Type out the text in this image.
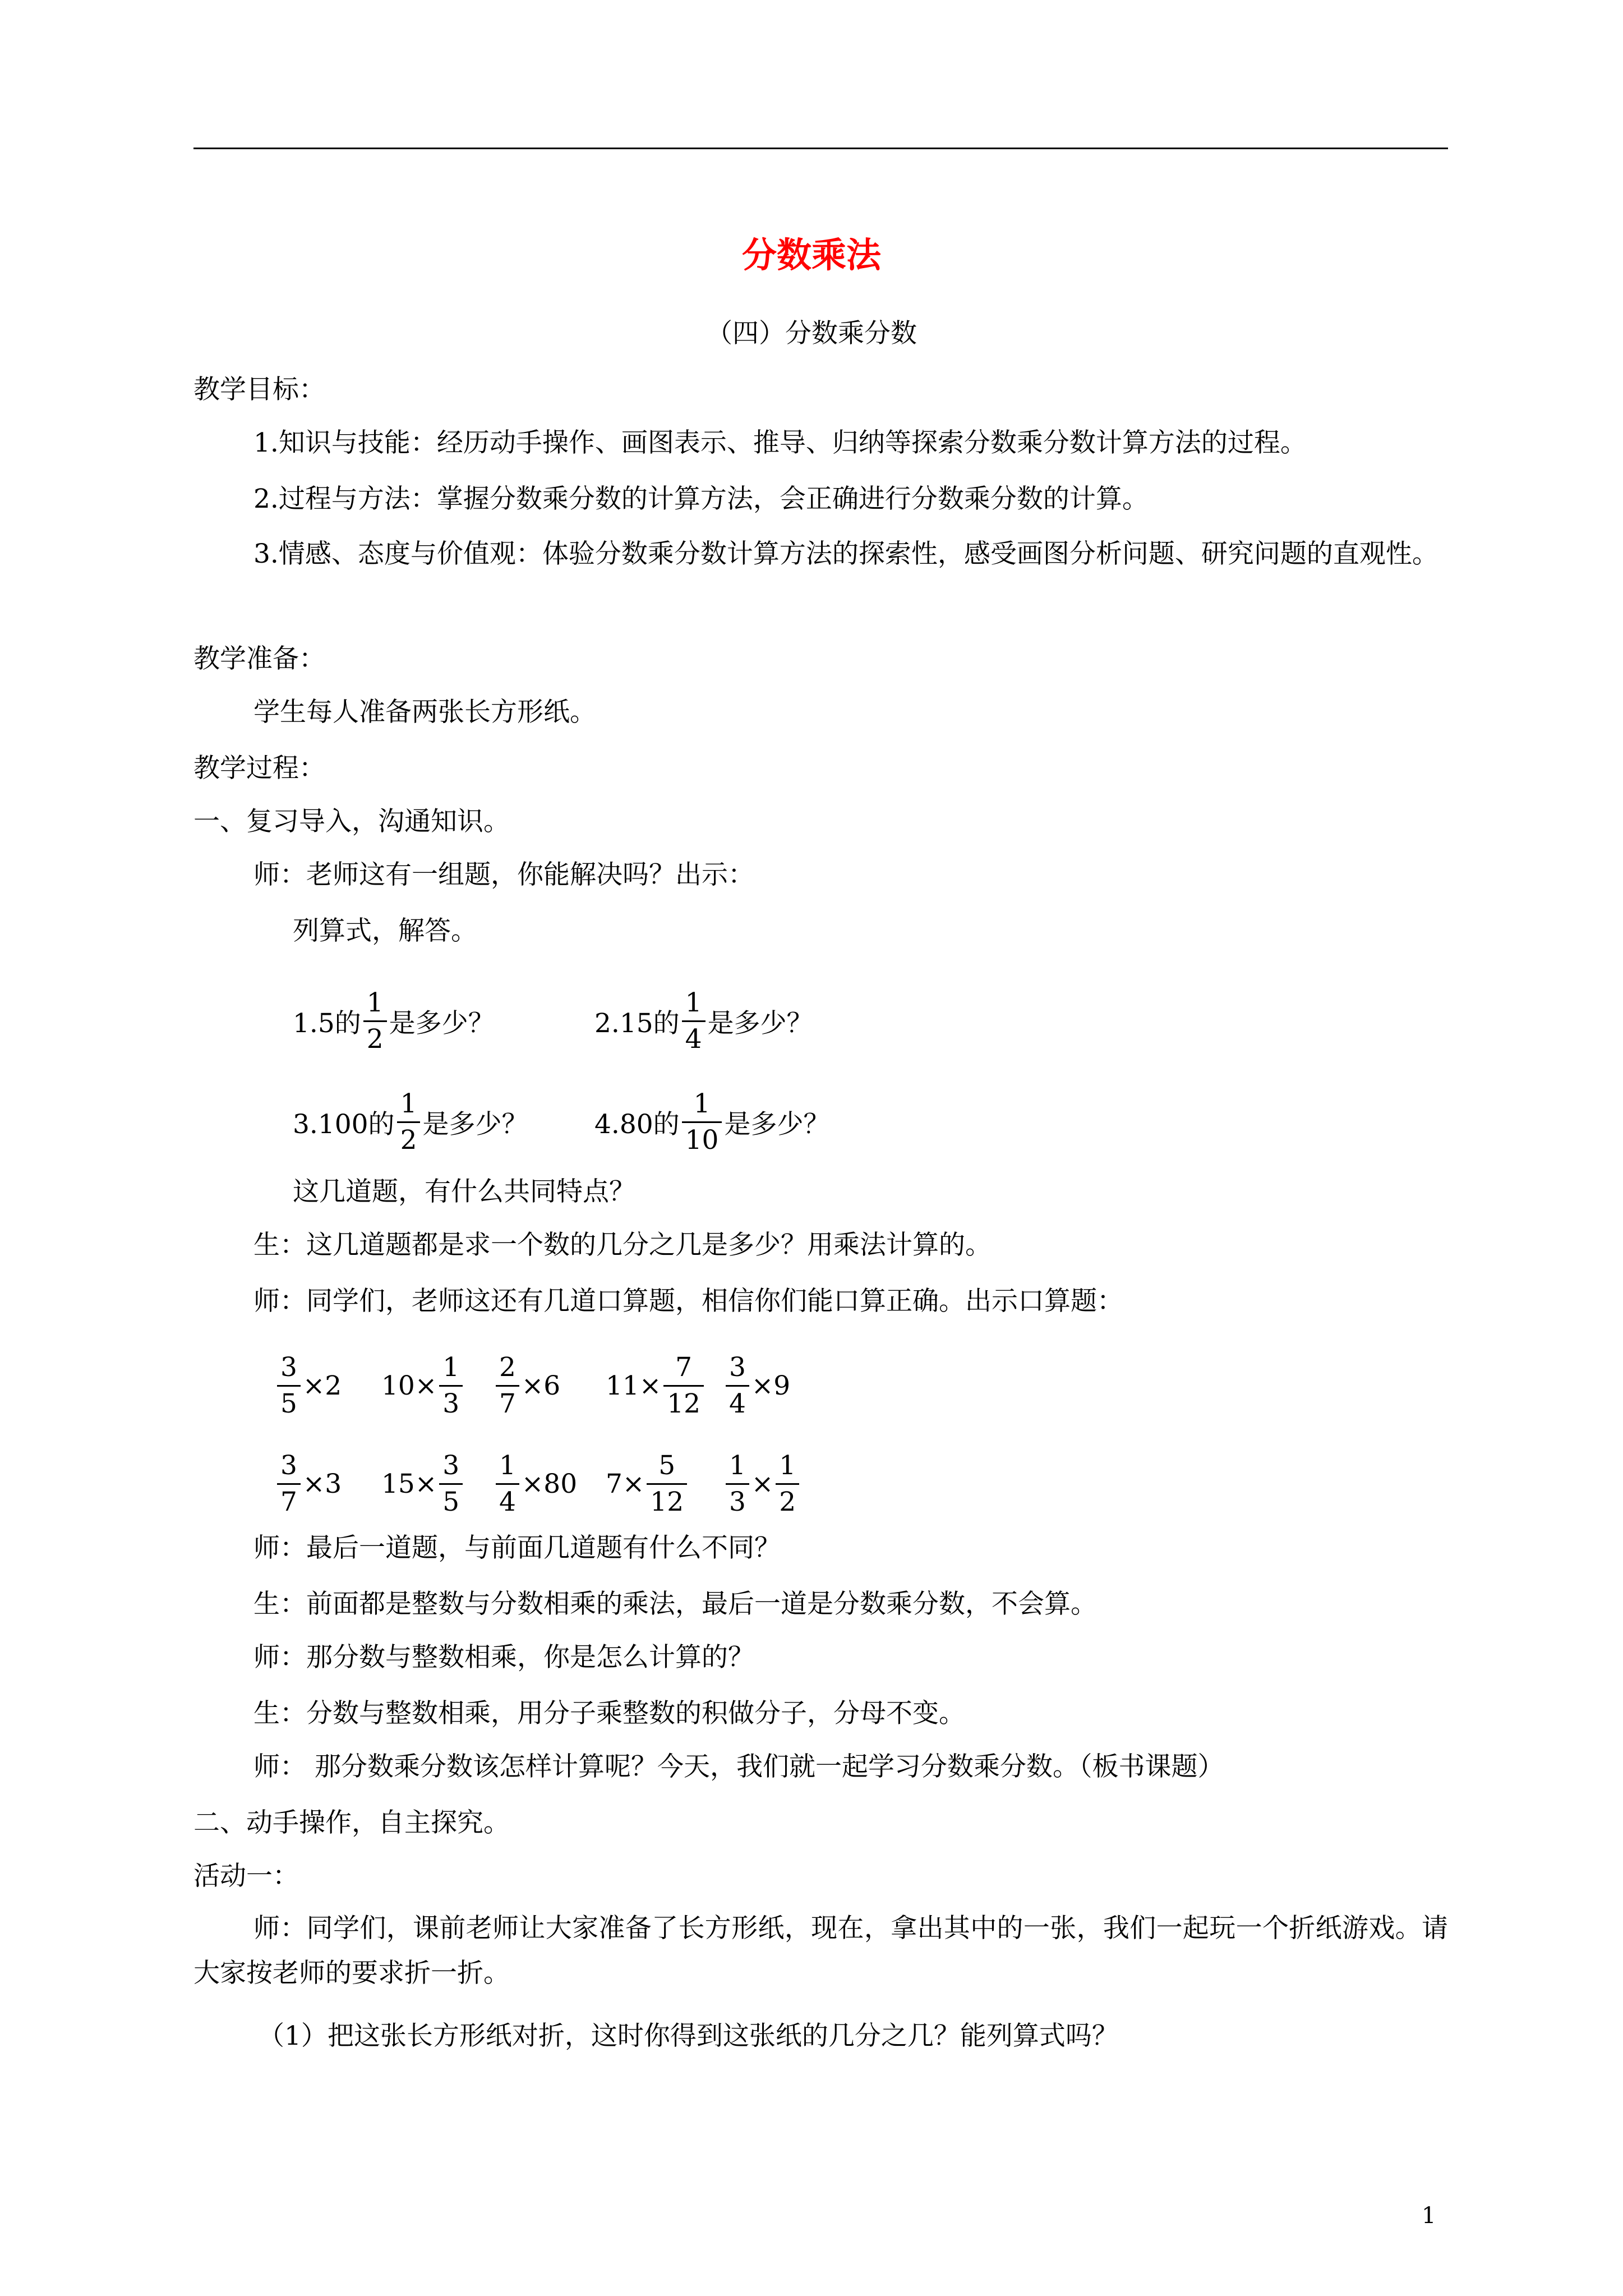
分数乘法
（四）分数乘分数
教学目标：
1.知识与技能：经历动手操作、画图表示、推导、归纳等探索分数乘分数计算方法的过程。
2.过程与方法：掌握分数乘分数的计算方法，会正确进行分数乘分数的计算。
3.情感、态度与价值观：体验分数乘分数计算方法的探索性，感受画图分析问题、研究问题的直观性。
教学准备：
学生每人准备两张长方形纸。
教学过程：
一、复习导入，沟通知识。
师：老师这有一组题，你能解决吗？出示：
列算式，解答。
1.5的 $\frac{1}{2}$ 是多少？	2.15的 $\frac{1}{4}$ 是多少？
3.100的 $\frac{1}{2}$ 是多少？	4.80的 $\frac{1}{10}$ 是多少？
这几道题，有什么共同特点？
生：这几道题都是求一个数的几分之几是多少？用乘法计算的。
师：同学们，老师这还有几道口算题，相信你们能口算正确。出示口算题：
$\frac{3}{5} \times 2$ $10 \times \frac{1}{3} \frac{2}{7} \times 6$ $11 \times \frac{7}{12} \frac{3}{4} \times 9$
$\frac{3}{7} \times 3$ $15 \times \frac{3}{5} \frac{1}{4} \times 80$ $7 \times \frac{5}{12} \frac{1}{3} \times \frac{1}{2}$
师：最后一道题，与前面几道题有什么不同？
生：前面都是整数与分数相乘的乘法，最后一道是分数乘分数，不会算。
师：那分数与整数相乘，你是怎么计算的？
生：分数与整数相乘，用分子乘整数的积做分子，分母不变。
师： 那分数乘分数该怎样计算呢？今天，我们就一起学习分数乘分数。（板书课题）
二、动手操作，自主探究。
活动一：
师：同学们，课前老师让大家准备了长方形纸，现在，拿出其中的一张，我们一起玩一个折纸游戏。请大家按老师的要求折一折。
（1）把这张长方形纸对折，这时你得到这张纸的几分之几？能列算式吗？
1
